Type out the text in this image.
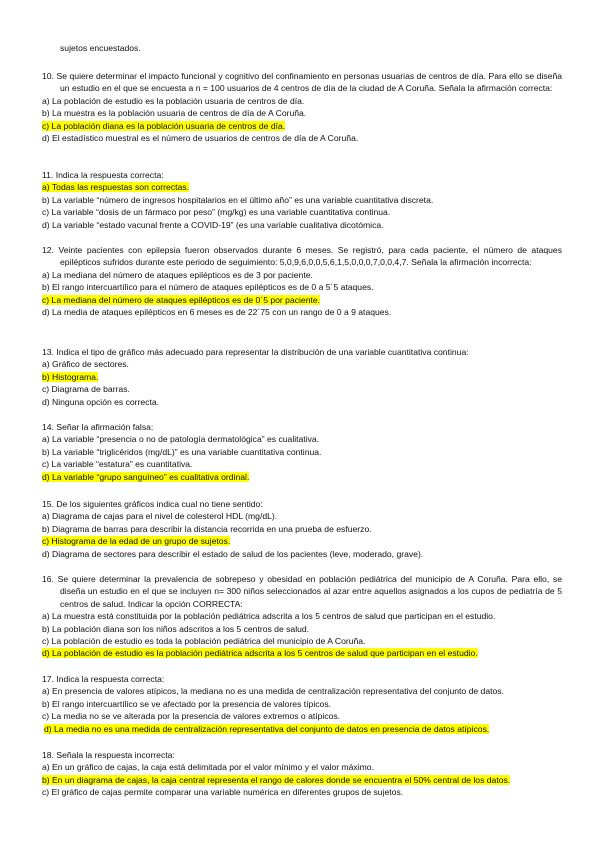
sujetos encuestados.
10. Se quiere determinar el impacto funcional y cognitivo del confinamiento en personas usuarias de centros de día. Para ello se diseña un estudio en el que se encuesta a n = 100 usuarios de 4 centros de día de la ciudad de A Coruña. Señala la afirmación correcta:
a) La población de estudio es la población usuaria de centros de día.
b) La muestra es la población usuaria de centros de día de A Coruña.
c) La población diana es la población usuaria de centros de día.
d) El estadístico muestral es el número de usuarios de centros de día de A Coruña.
11. Indica la respuesta correcta:
a) Todas las respuestas son correctas.
b) La variable “número de ingresos hospitalarios en el último año” es una variable cuantitativa discreta.
c) La variable “dosis de un fármaco por peso” (mg/kg) es una variable cuantitativa continua.
d) La variable “estado vacunal frente a COVID-19” (es una variable cualitativa dicotómica.
12. Veinte pacientes con epilepsia fueron observados durante 6 meses. Se registró, para cada paciente, el número de ataques epilépticos sufridos durante este periodo de seguimiento: 5,0,9,6,0,0,5,6,1,5,0,0,0,7,0,0,4,7. Señala la afirmación incorrecta:
a) La mediana del número de ataques epilépticos es de 3 por paciente.
b) El rango intercuartílico para el número de ataques epilépticos es de 0 a 5´5 ataques.
c) La mediana del número de ataques epilépticos es de 0´5 por paciente.
d) La media de ataques epilépticos en 6 meses es de 22´75 con un rango de 0 a 9 ataques.
13. Indica el tipo de gráfico más adecuado para representar la distribución de una variable cuantitativa continua:
a) Gráfico de sectores.
b) Histograma.
c) Diagrama de barras.
d) Ninguna opción es correcta.
14. Señar la afirmación falsa:
a) La variable “presencia o no de patología dermatológica” es cualitativa.
b) La variable “triglicéridos (mg/dL)” es una variable cuantitativa continua.
c) La variable “estatura” es cuantitativa.
d) La variable “grupo sanguíneo” es cualitativa ordinal.
15. De los siguientes gráficos indica cual no tiene sentido:
a) Diagrama de cajas para el nivel de colesterol HDL (mg/dL).
b) Diagrama de barras para describir la distancia recorrida en una prueba de esfuerzo.
c) Histograma de la edad de un grupo de sujetos.
d) Diagrama de sectores para describir el estado de salud de los pacientes (leve, moderado, grave).
16. Se quiere determinar la prevalencia de sobrepeso y obesidad en población pediátrica del municipio de A Coruña. Para ello, se diseña un estudio en el que se incluyen n= 300 niños seleccionados al azar entre aquellos asignados a los cupos de pediatría de 5 centros de salud. Indicar la opción CORRECTA:
a) La muestra está constituida por la población pediátrica adscrita a los 5 centros de salud que participan en el estudio.
b) La población diana son los niños adscritos a los 5 centros de salud.
c) La población de estudio es toda la población pediátrica del municipio de A Coruña.
d) La población de estudio es la población pediátrica adscrita a los 5 centros de salud que participan en el estudio.
17. Indica la respuesta correcta:
a) En presencia de valores atípicos, la mediana no es una medida de centralización representativa del conjunto de datos.
b) El rango intercuartílico se ve afectado por la presencia de valores típicos.
c) La media no se ve alterada por la presencia de valores extremos o atípicos.
d) La media no es una medida de centralización representativa del conjunto de datos en presencia de datos atípicos.
18. Señala la respuesta incorrecta:
a) En un gráfico de cajas, la caja está delimitada por el valor mínimo y el valor máximo.
b) En un diagrama de cajas, la caja central representa el rango de calores donde se encuentra el 50% central de los datos.
c) El gráfico de cajas permite comparar una variable numérica en diferentes grupos de sujetos.
